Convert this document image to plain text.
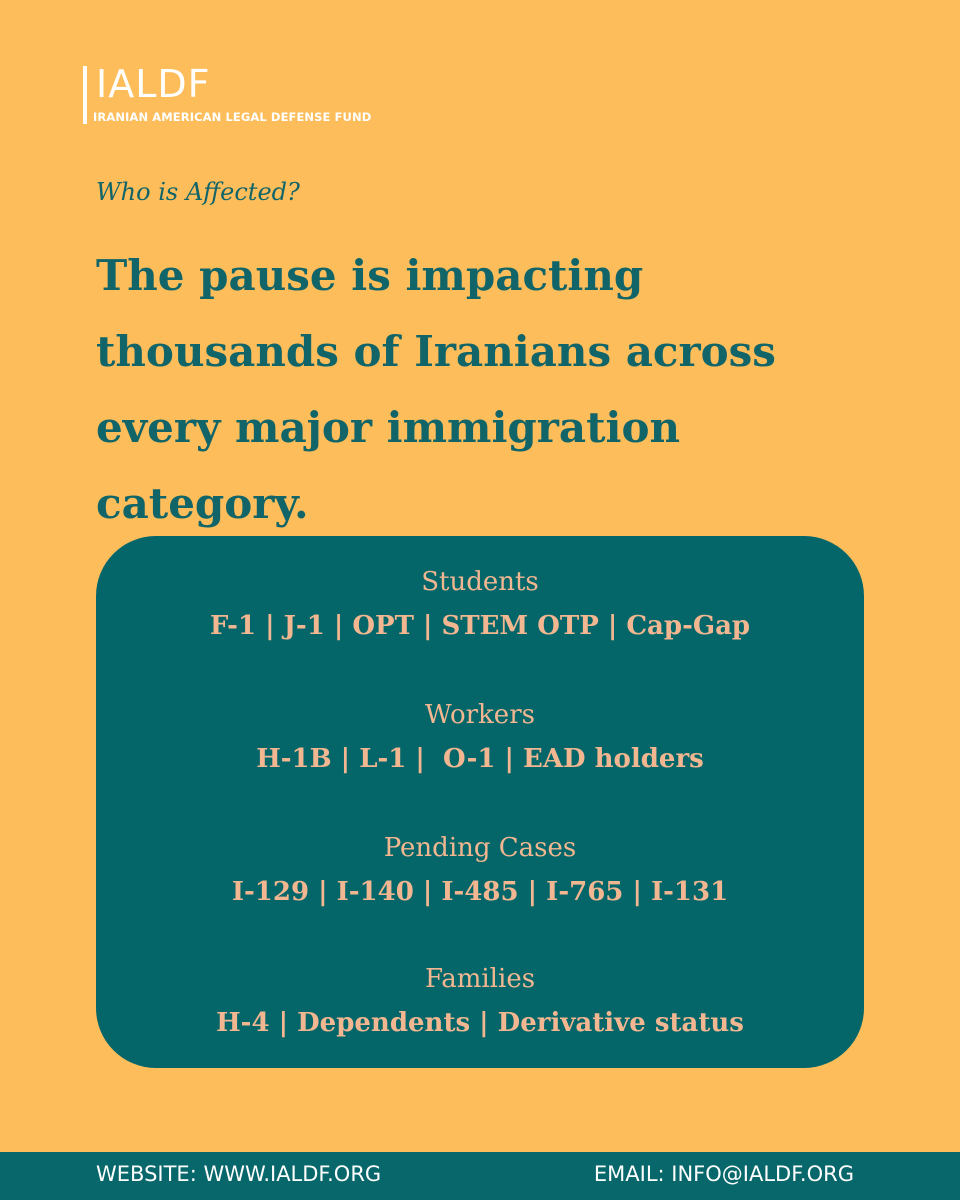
IALDF
IRANIAN AMERICAN LEGAL DEFENSE FUND

Who is Affected?

The pause is impacting thousands of Iranians across every major immigration category.
Students
F-1 | J-1 | OPT | STEM OTP | Cap-Gap
Workers
H-1B | L-1 |  O-1 | EAD holders
Pending Cases
I-129 | I-140 | I-485 | I-765 | I-131
Families
H-4 | Dependents | Derivative status
WEBSITE: WWW.IALDF.ORG	EMAIL: INFO@IALDF.ORG
